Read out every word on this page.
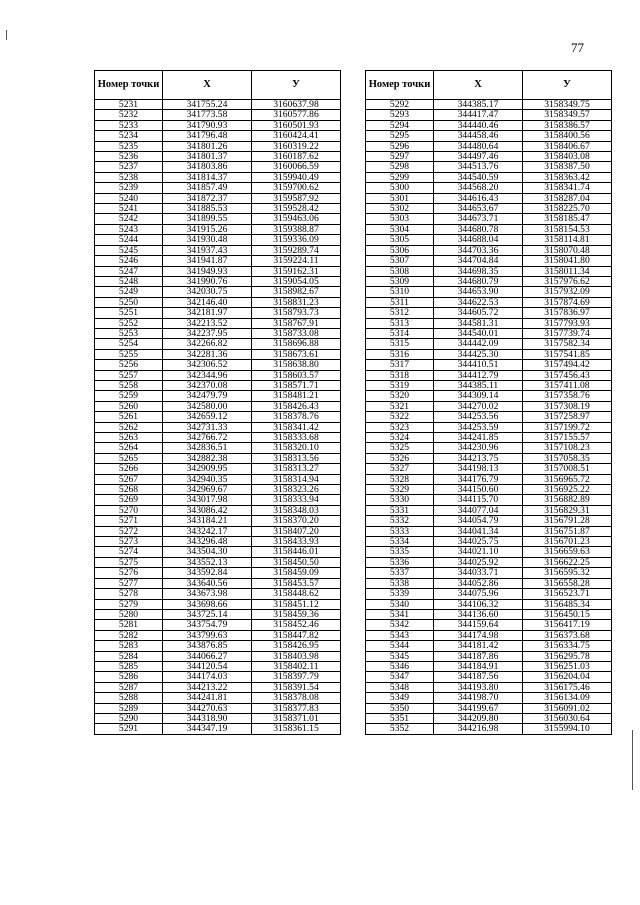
77
Номер точки	X	У
5231	341755.24	3160637.98
5232	341773.58	3160577.86
5233	341790.93	3160501.93
5234	341796.48	3160424.41
5235	341801.26	3160319.22
5236	341801.37	3160187.62
5237	341803.86	3160066.59
5238	341814.37	3159940.49
5239	341857.49	3159700.62
5240	341872.37	3159587.92
5241	341885.53	3159528.42
5242	341899.55	3159463.06
5243	341915.26	3159388.87
5244	341930.48	3159336.09
5245	341937.43	3159289.74
5246	341941.87	3159224.11
5247	341949.93	3159162.31
5248	341990.76	3159054.05
5249	342030.75	3158982.67
5250	342146.40	3158831.23
5251	342181.97	3158793.73
5252	342213.52	3158767.91
5253	342237.95	3158733.08
5254	342266.82	3158696.88
5255	342281.36	3158673.61
5256	342306.52	3158638.80
5257	342344.96	3158603.57
5258	342370.08	3158571.71
5259	342479.79	3158481.21
5260	342580.00	3158426.43
5261	342659.12	3158378.76
5262	342731.33	3158341.42
5263	342766.72	3158333.68
5264	342836.51	3158320.10
5265	342882.38	3158313.56
5266	342909.95	3158313.27
5267	342940.35	3158314.94
5268	342969.67	3158323.26
5269	343017.98	3158333.94
5270	343086.42	3158348.03
5271	343184.21	3158370.20
5272	343242.17	3158407.20
5273	343296.48	3158433.93
5274	343504.30	3158446.01
5275	343552.13	3158450.50
5276	343592.84	3158459.09
5277	343640.56	3158453.57
5278	343673.98	3158448.62
5279	343698.66	3158451.12
5280	343725.14	3158459.36
5281	343754.79	3158452.46
5282	343799.63	3158447.82
5283	343876.85	3158426.95
5284	344066.27	3158403.98
5285	344120.54	3158402.11
5286	344174.03	3158397.79
5287	344213.22	3158391.54
5288	344241.81	3158378.08
5289	344270.63	3158377.83
5290	344318.90	3158371.01
5291	344347.19	3158361.15
Номер точки	X	У
5292	344385.17	3158349.75
5293	344417.47	3158349.57
5294	344440.46	3158386.57
5295	344458.46	3158400.56
5296	344480.64	3158406.67
5297	344497.46	3158403.08
5298	344513.76	3158387.50
5299	344540.59	3158363.42
5300	344568.20	3158341.74
5301	344616.43	3158287.04
5302	344653.67	3158225.70
5303	344673.71	3158185.47
5304	344680.78	3158154.53
5305	344688.04	3158114.81
5306	344703.36	3158070.48
5307	344704.84	3158041.80
5308	344698.35	3158011.34
5309	344680.79	3157976.62
5310	344653.90	3157932.09
5311	344622.53	3157874.69
5312	344605.72	3157836.97
5313	344581.31	3157793.93
5314	344540.01	3157739.74
5315	344442.09	3157582.34
5316	344425.30	3157541.85
5317	344410.51	3157494.42
5318	344412.79	3157456.43
5319	344385.11	3157411.08
5320	344309.14	3157358.76
5321	344270.02	3157308.19
5322	344253.56	3157258.97
5323	344253.59	3157199.72
5324	344241.85	3157155.57
5325	344230.96	3157108.23
5326	344213.75	3157058.35
5327	344198.13	3157008.51
5328	344176.79	3156965.72
5329	344150.60	3156925.22
5330	344115.70	3156882.89
5331	344077.04	3156829.31
5332	344054.79	3156791.28
5333	344041.34	3156751.87
5334	344025.75	3156701.23
5335	344021.10	3156659.63
5336	344025.92	3156622.25
5337	344033.71	3156595.32
5338	344052.86	3156558.28
5339	344075.96	3156523.71
5340	344106.32	3156485.34
5341	344136.60	3156450.15
5342	344159.64	3156417.19
5343	344174.98	3156373.68
5344	344181.42	3156334.75
5345	344187.86	3156295.78
5346	344184.91	3156251.03
5347	344187.56	3156204.04
5348	344193.80	3156175.46
5349	344198.70	3156134.09
5350	344199.67	3156091.02
5351	344209.80	3156030.64
5352	344216.98	3155994.10
